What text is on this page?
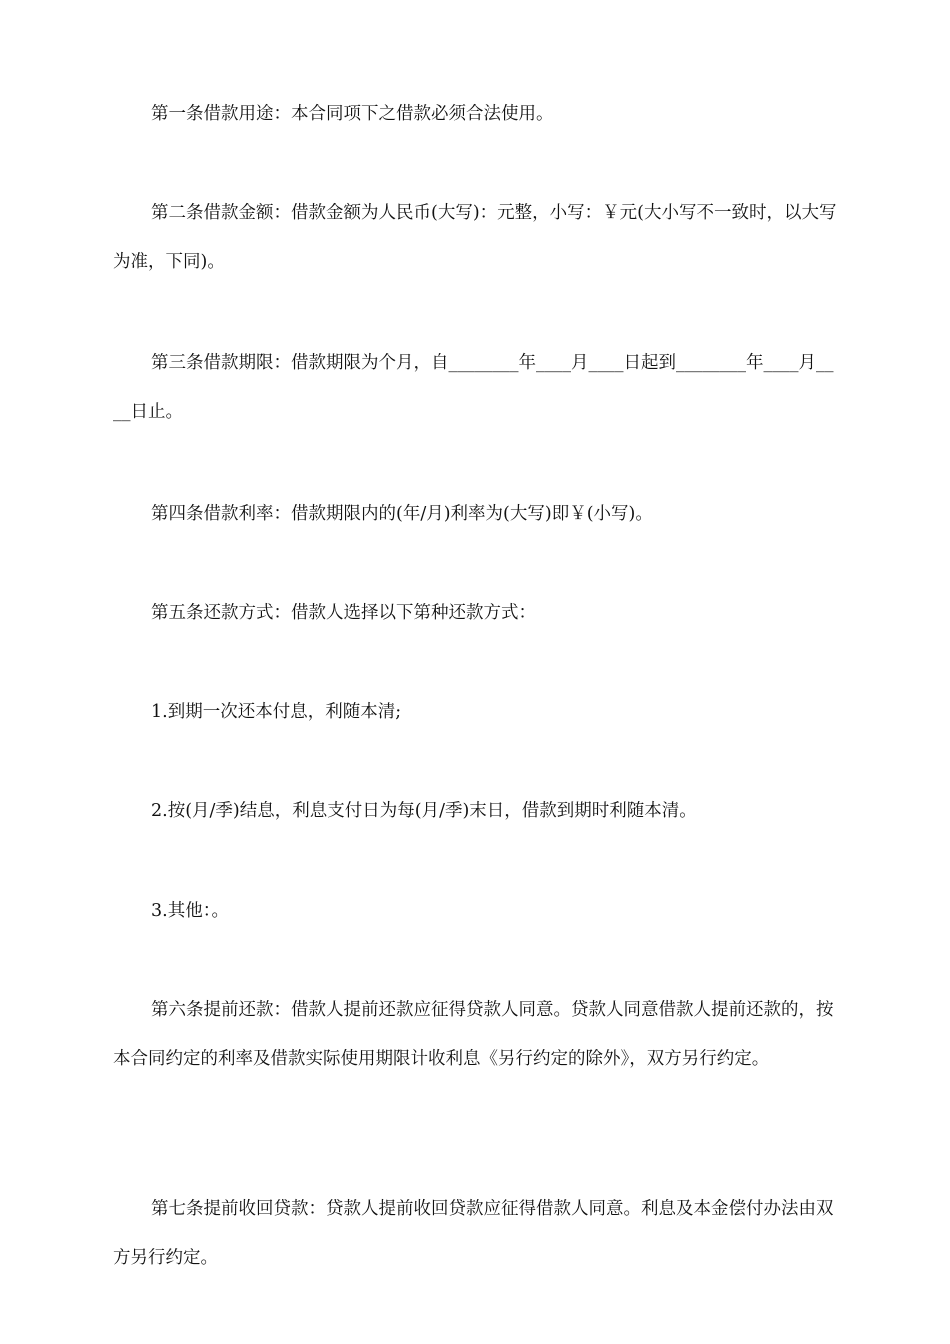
第一条借款用途：本合同项下之借款必须合法使用。

第二条借款金额：借款金额为人民币(大写)：元整，小写：￥元(大小写不一致时，以大写为准，下同)。

第三条借款期限：借款期限为个月，自________年____月____日起到________年____月____日止。

第四条借款利率：借款期限内的(年/月)利率为(大写)即￥(小写)。

第五条还款方式：借款人选择以下第种还款方式：

1.到期一次还本付息，利随本清;

2.按(月/季)结息，利息支付日为每(月/季)末日，借款到期时利随本清。

3.其他：。

第六条提前还款：借款人提前还款应征得贷款人同意。贷款人同意借款人提前还款的，按本合同约定的利率及借款实际使用期限计收利息《另行约定的除外》，双方另行约定。

第七条提前收回贷款：贷款人提前收回贷款应征得借款人同意。利息及本金偿付办法由双方另行约定。
